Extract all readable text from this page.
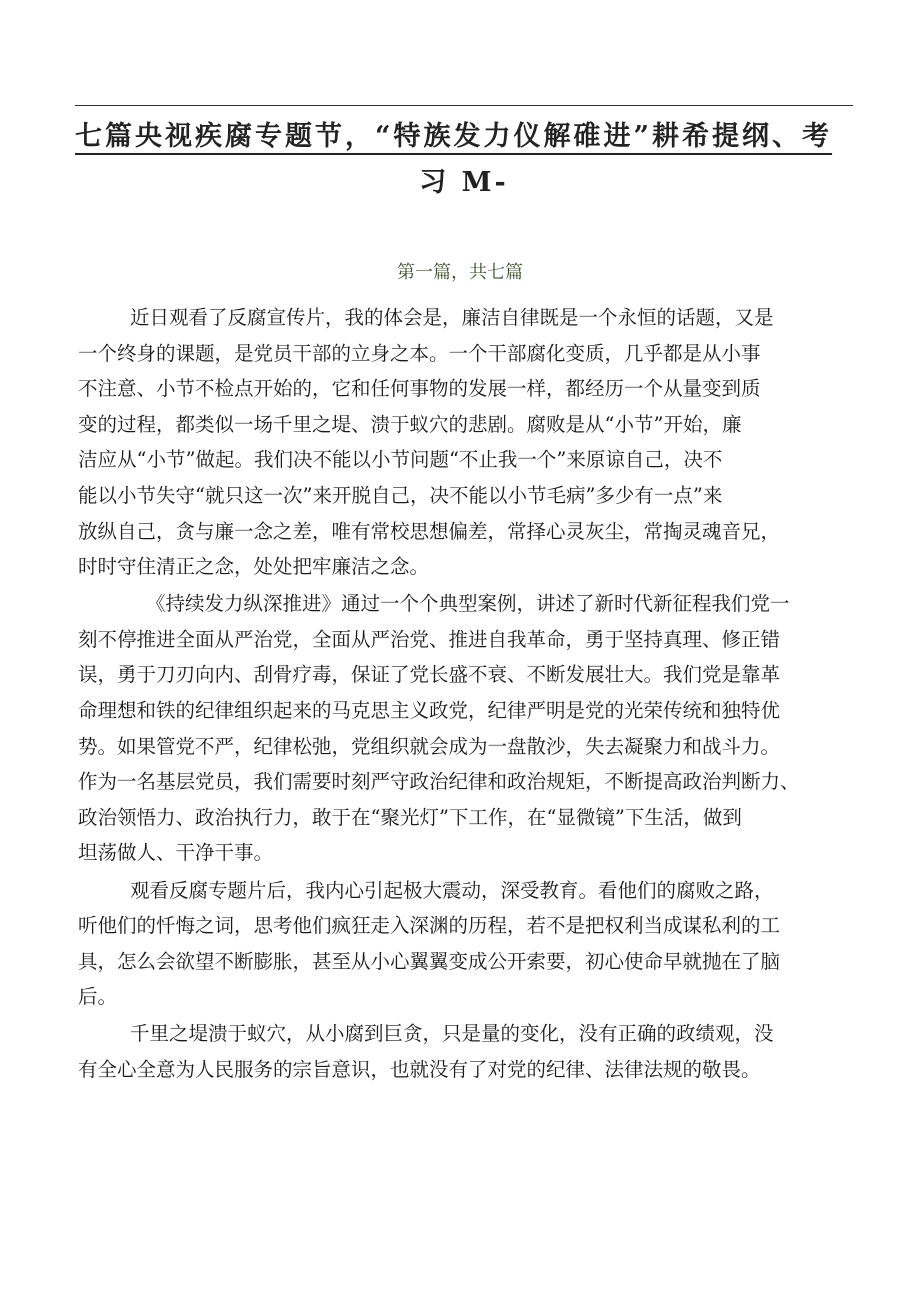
七篇央视疾腐专题节，“特族发力仪解碓进”耕希提纲、考
习 M-
第一篇，共七篇
近日观看了反腐宣传片，我的体会是，廉洁自律既是一个永恒的话题，又是
一个终身的课题，是党员干部的立身之本。一个干部腐化变质，几乎都是从小事
不注意、小节不检点开始的，它和任何事物的发展一样，都经历一个从量变到质
变的过程，都类似一场千里之堤、溃于蚁穴的悲剧。腐败是从“小节”开始，廉
洁应从“小节”做起。我们决不能以小节问题“不止我一个”来原谅自己，决不
能以小节失守“就只这一次”来开脱自己，决不能以小节毛病”多少有一点”来
放纵自己，贪与廉一念之差，唯有常校思想偏差，常择心灵灰尘，常掏灵魂音兄，
时时守住清正之念，处处把牢廉洁之念。
《持续发力纵深推进》通过一个个典型案例，讲述了新时代新征程我们党一
刻不停推进全面从严治党，全面从严治党、推进自我革命，勇于坚持真理、修正错
误，勇于刀刃向内、刮骨疗毒，保证了党长盛不衰、不断发展壮大。我们党是靠革
命理想和铁的纪律组织起来的马克思主义政党，纪律严明是党的光荣传统和独特优
势。如果管党不严，纪律松弛，党组织就会成为一盘散沙，失去凝聚力和战斗力。
作为一名基层党员，我们需要时刻严守政治纪律和政治规矩，不断提高政治判断力、
政治领悟力、政治执行力，敢于在“聚光灯”下工作，在“显微镜”下生活，做到
坦荡做人、干净干事。
观看反腐专题片后，我内心引起极大震动，深受教育。看他们的腐败之路，
听他们的忏悔之词，思考他们疯狂走入深渊的历程，若不是把权利当成谋私利的工
具，怎么会欲望不断膨胀，甚至从小心翼翼变成公开索要，初心使命早就抛在了脑
后。
千里之堤溃于蚁穴，从小腐到巨贪，只是量的变化，没有正确的政绩观，没
有全心全意为人民服务的宗旨意识，也就没有了对党的纪律、法律法规的敬畏。
